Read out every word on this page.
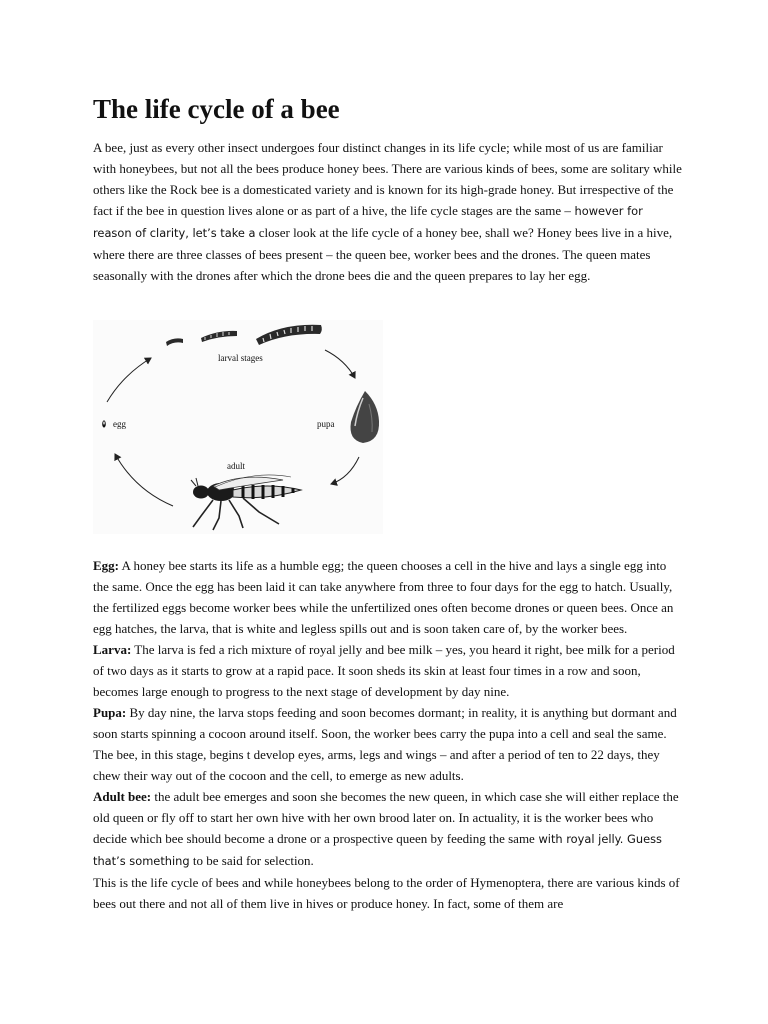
The life cycle of a bee

A bee, just as every other insect undergoes four distinct changes in its life cycle; while most of us are familiar with honeybees, but not all the bees produce honey bees. There are various kinds of bees, some are solitary while others like the Rock bee is a domesticated variety and is known for its high-grade honey. But irrespective of the fact if the bee in question lives alone or as part of a hive, the life cycle stages are the same – however for reason of clarity, let’s take a closer look at the life cycle of a honey bee, shall we? Honey bees live in a hive, where there are three classes of bees present – the queen bee, worker bees and the drones. The queen mates seasonally with the drones after which the drone bees die and the queen prepares to lay her egg.

larval stages
egg	pupa
adult
Egg: A honey bee starts its life as a humble egg; the queen chooses a cell in the hive and lays a single egg into the same. Once the egg has been laid it can take anywhere from three to four days for the egg to hatch. Usually, the fertilized eggs become worker bees while the unfertilized ones often become drones or queen bees. Once an egg hatches, the larva, that is white and legless spills out and is soon taken care of, by the worker bees.
Larva: The larva is fed a rich mixture of royal jelly and bee milk – yes, you heard it right, bee milk for a period of two days as it starts to grow at a rapid pace. It soon sheds its skin at least four times in a row and soon, becomes large enough to progress to the next stage of development by day nine.
Pupa: By day nine, the larva stops feeding and soon becomes dormant; in reality, it is anything but dormant and soon starts spinning a cocoon around itself. Soon, the worker bees carry the pupa into a cell and seal the same. The bee, in this stage, begins t develop eyes, arms, legs and wings – and after a period of ten to 22 days, they chew their way out of the cocoon and the cell, to emerge as new adults.
Adult bee: the adult bee emerges and soon she becomes the new queen, in which case she will either replace the old queen or fly off to start her own hive with her own brood later on. In actuality, it is the worker bees who decide which bee should become a drone or a prospective queen by feeding the same with royal jelly. Guess that’s something to be said for selection.
This is the life cycle of bees and while honeybees belong to the order of Hymenoptera, there are various kinds of bees out there and not all of them live in hives or produce honey. In fact, some of them are
